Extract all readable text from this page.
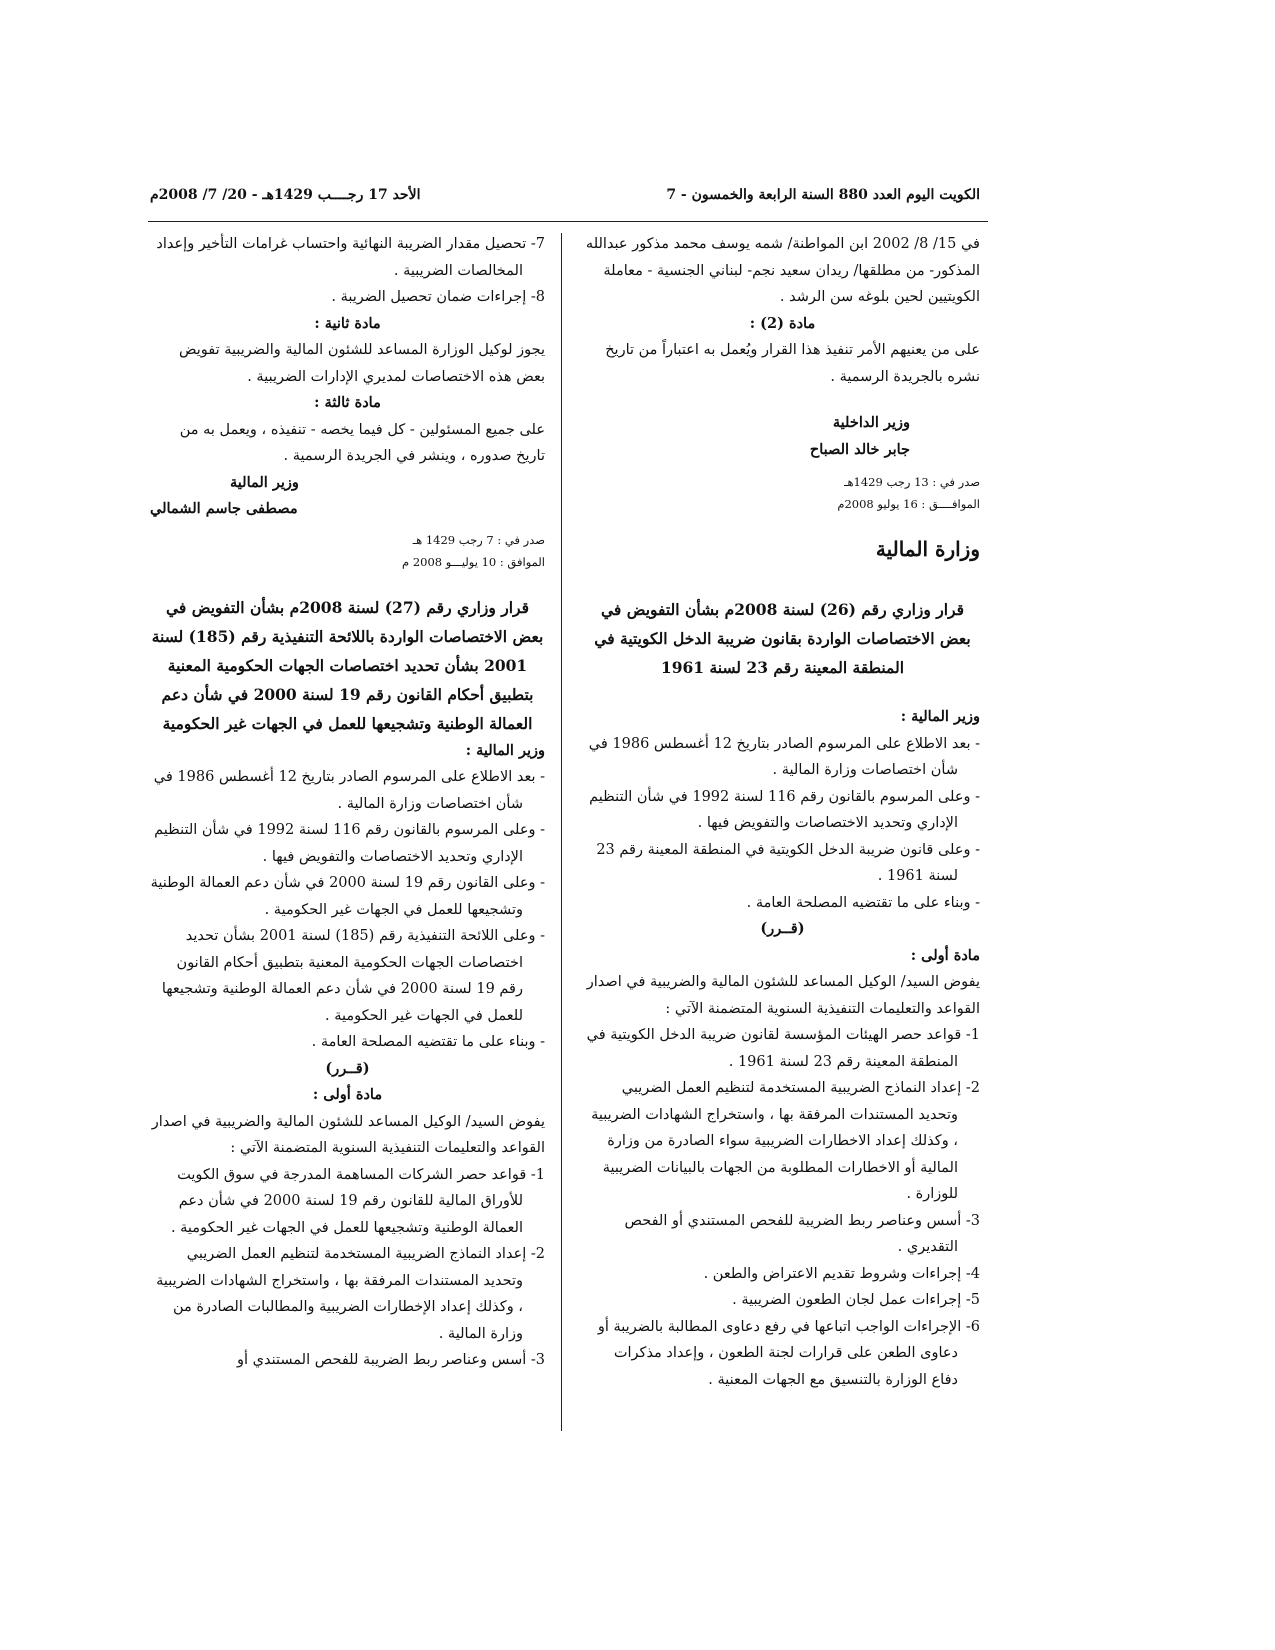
الكويت اليوم العدد 880 السنة الرابعة والخمسون - 7
الأحد 17 رجــــب 1429هـ - 20/ 7/ 2008م

في 15/ 8/ 2002 ابن المواطنة/ شمه يوسف محمد مذكور عبدالله المذكور- من مطلقها/ ريدان سعيد نجم- لبناني الجنسية - معاملة الكويتيين لحين بلوغه سن الرشد .

مادة (2) :

على من يعنيهم الأمر تنفيذ هذا القرار ويُعمل به اعتباراً من تاريخ نشره بالجريدة الرسمية .

وزير الداخلية

جابر خالد الصباح

صدر في : 13 رجب 1429هـ

الموافــــق : 16 يوليو 2008م

وزارة المالية

قرار وزاري رقم (26) لسنة 2008م بشأن التفويض في بعض الاختصاصات الواردة بقانون ضريبة الدخل الكويتية في المنطقة المعينة رقم 23 لسنة 1961

وزير المالية :

- بعد الاطلاع على المرسوم الصادر بتاريخ 12 أغسطس 1986 في شأن اختصاصات وزارة المالية .

- وعلى المرسوم بالقانون رقم 116 لسنة 1992 في شأن التنظيم الإداري وتحديد الاختصاصات والتفويض فيها .

- وعلى قانون ضريبة الدخل الكويتية في المنطقة المعينة رقم 23 لسنة 1961 .

- وبناء على ما تقتضيه المصلحة العامة .

(قــرر)

مادة أولى :

يفوض السيد/ الوكيل المساعد للشئون المالية والضريبية في اصدار القواعد والتعليمات التنفيذية السنوية المتضمنة الآتي :

1- قواعد حصر الهيئات المؤسسة لقانون ضريبة الدخل الكويتية في المنطقة المعينة رقم 23 لسنة 1961 .

2- إعداد النماذج الضريبية المستخدمة لتنظيم العمل الضريبي وتحديد المستندات المرفقة بها ، واستخراج الشهادات الضريبية ، وكذلك إعداد الاخطارات الضريبية سواء الصادرة من وزارة المالية أو الاخطارات المطلوبة من الجهات بالبيانات الضريبية للوزارة .

3- أسس وعناصر ربط الضريبة للفحص المستندي أو الفحص التقديري .

4- إجراءات وشروط تقديم الاعتراض والطعن .

5- إجراءات عمل لجان الطعون الضريبية .

6- الإجراءات الواجب اتباعها في رفع دعاوى المطالبة بالضريبة أو دعاوى الطعن على قرارات لجنة الطعون ، وإعداد مذكرات دفاع الوزارة بالتنسيق مع الجهات المعنية .

7- تحصيل مقدار الضريبة النهائية واحتساب غرامات التأخير وإعداد المخالصات الضريبية .

8- إجراءات ضمان تحصيل الضريبة .

مادة ثانية :

يجوز لوكيل الوزارة المساعد للشئون المالية والضريبية تفويض بعض هذه الاختصاصات لمديري الإدارات الضريبية .

مادة ثالثة :

على جميع المسئولين - كل فيما يخصه - تنفيذه ، ويعمل به من تاريخ صدوره ، وينشر في الجريدة الرسمية .

وزير المالية

مصطفى جاسم الشمالي

صدر في : 7 رجب 1429 هـ

الموافق : 10 يوليـــو 2008 م

قرار وزاري رقم (27) لسنة 2008م بشأن التفويض في بعض الاختصاصات الواردة باللائحة التنفيذية رقم (185) لسنة 2001 بشأن تحديد اختصاصات الجهات الحكومية المعنية بتطبيق أحكام القانون رقم 19 لسنة 2000 في شأن دعم العمالة الوطنية وتشجيعها للعمل في الجهات غير الحكومية

وزير المالية :

- بعد الاطلاع على المرسوم الصادر بتاريخ 12 أغسطس 1986 في شأن اختصاصات وزارة المالية .

- وعلى المرسوم بالقانون رقم 116 لسنة 1992 في شأن التنظيم الإداري وتحديد الاختصاصات والتفويض فيها .

- وعلى القانون رقم 19 لسنة 2000 في شأن دعم العمالة الوطنية وتشجيعها للعمل في الجهات غير الحكومية .

- وعلى اللائحة التنفيذية رقم (185) لسنة 2001 بشأن تحديد اختصاصات الجهات الحكومية المعنية بتطبيق أحكام القانون رقم 19 لسنة 2000 في شأن دعم العمالة الوطنية وتشجيعها للعمل في الجهات غير الحكومية .

- وبناء على ما تقتضيه المصلحة العامة .

(قــرر)

مادة أولى :

يفوض السيد/ الوكيل المساعد للشئون المالية والضريبية في اصدار القواعد والتعليمات التنفيذية السنوية المتضمنة الآتي :

1- قواعد حصر الشركات المساهمة المدرجة في سوق الكويت للأوراق المالية للقانون رقم 19 لسنة 2000 في شأن دعم العمالة الوطنية وتشجيعها للعمل في الجهات غير الحكومية .

2- إعداد النماذج الضريبية المستخدمة لتنظيم العمل الضريبي وتحديد المستندات المرفقة بها ، واستخراج الشهادات الضريبية ، وكذلك إعداد الإخطارات الضريبية والمطالبات الصادرة من وزارة المالية .

3- أسس وعناصر ربط الضريبة للفحص المستندي أو
